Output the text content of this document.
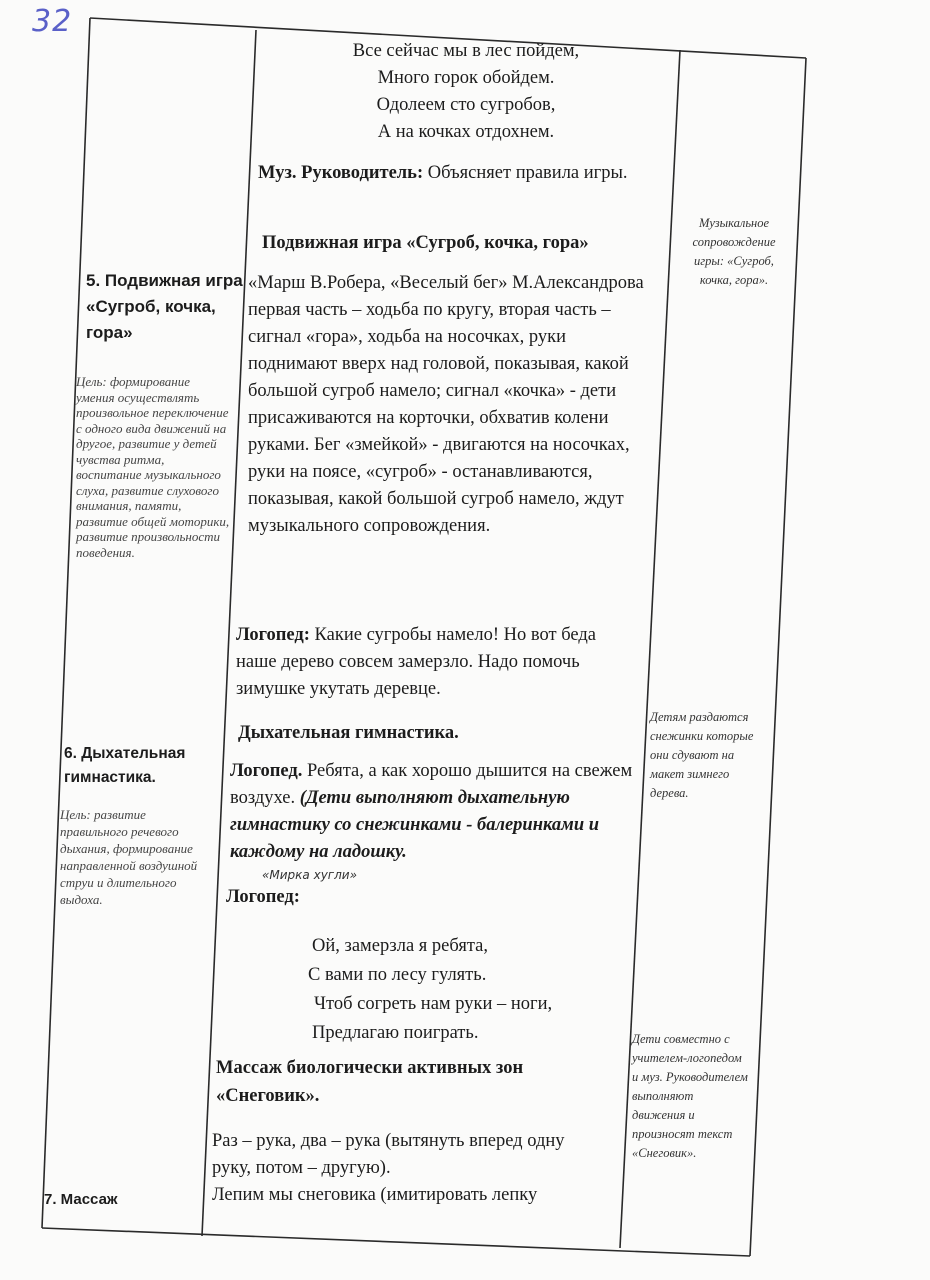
32
5. Подвижная игра «Сугроб, кочка, гора»
Цель: формирование умения осуществлять произвольное переключение с одного вида движений на другое, развитие у детей чувства ритма, воспитание музыкального слуха, развитие слухового внимания, памяти, развитие общей моторики, развитие произвольности поведения.
6. Дыхательная гимнастика.
Цель: развитие правильного речевого дыхания, формирование направленной воздушной струи и длительного выдоха.
7. Массаж
Все сейчас мы в лес пойдем,
Много горок обойдем.
Одолеем сто сугробов,
А на кочках отдохнем.
Муз. Руководитель: Объясняет правила игры.
Подвижная игра «Сугроб, кочка, гора»
«Марш В.Робера, «Веселый бег» М.Александрова первая часть – ходьба по кругу, вторая часть – сигнал «гора», ходьба на носочках, руки поднимают вверх над головой, показывая, какой большой сугроб намело; сигнал «кочка» - дети присаживаются на корточки, обхватив колени руками. Бег «змейкой» - двигаются на носочках, руки на поясе, «сугроб» - останавливаются, показывая, какой большой сугроб намело, ждут музыкального сопровождения.
Логопед: Какие сугробы намело! Но вот беда наше дерево совсем замерзло. Надо помочь зимушке укутать деревце.
Дыхательная гимнастика.
Логопед. Ребята, а как хорошо дышится на свежем воздухе. (Дети выполняют дыхательную гимнастику со снежинками - балеринками и каждому на ладошку.
«Мирка хугли»
Логопед:
Ой, замерзла я ребята,
С вами по лесу гулять.
Чтоб согреть нам руки – ноги,
Предлагаю поиграть.
Массаж биологически активных зон «Снеговик».
Раз – рука, два – рука (вытянуть вперед одну руку, потом – другую).
Лепим мы снеговика (имитировать лепку
Музыкальное сопровождение игры: «Сугроб, кочка, гора».
Детям раздаются снежинки которые они сдувают на макет зимнего дерева.
Дети совместно с учителем-логопедом и муз. Руководителем выполняют движения и произносят текст «Снеговик».
